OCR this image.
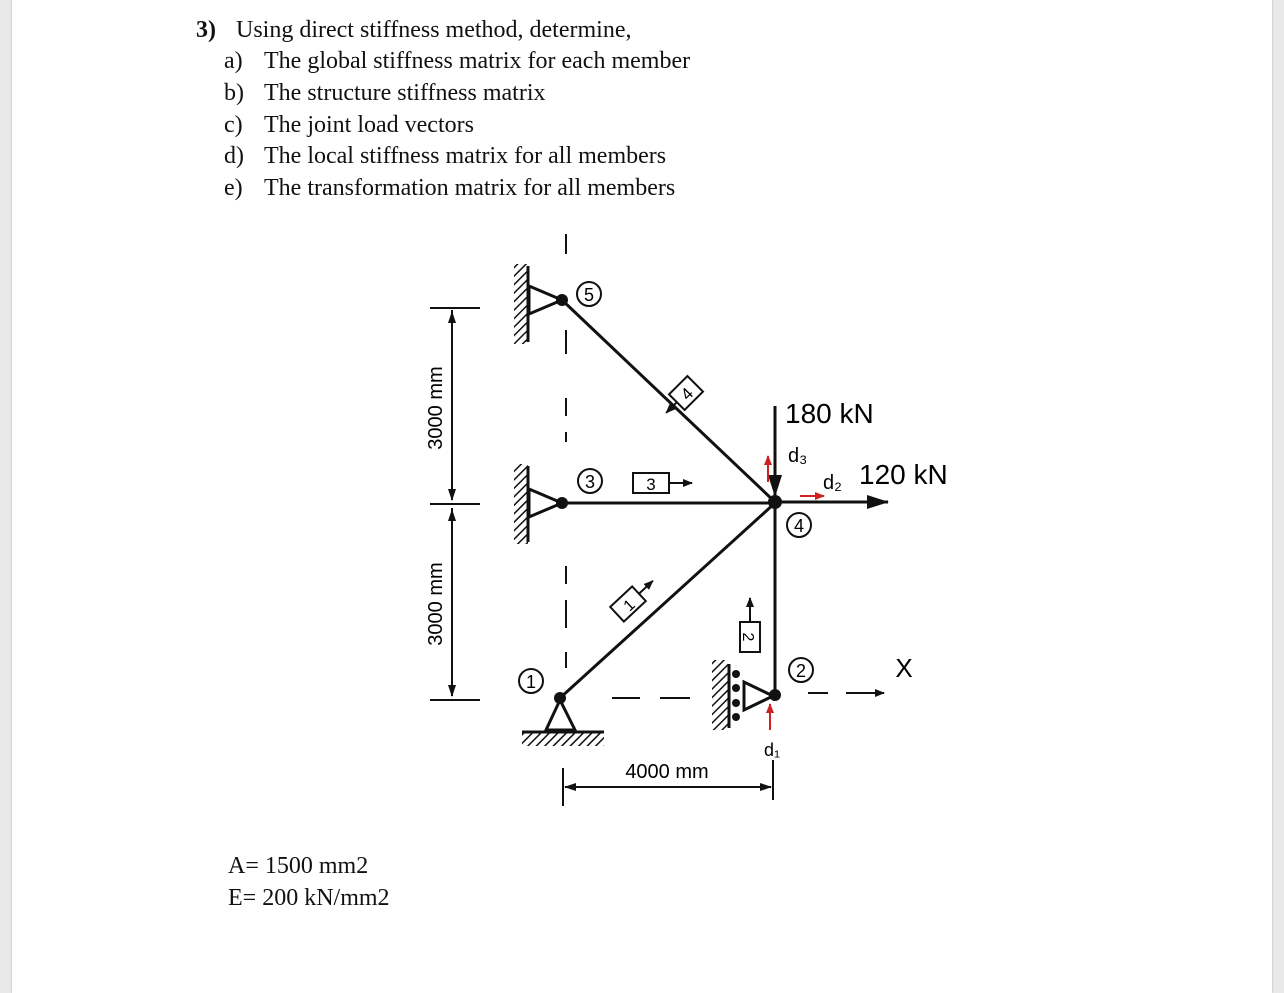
3) Using direct stiffness method, determine,
a) The global stiffness matrix for each member
b) The structure stiffness matrix
c) The joint load vectors
d) The local stiffness matrix for all members
e) The transformation matrix for all members
5
3
4
1
2
4
3
1
2
180 kN
120 kN
d₃
d₂
d₁
X
3000 mm
3000 mm
4000 mm
A= 1500 mm2
E= 200 kN/mm2
